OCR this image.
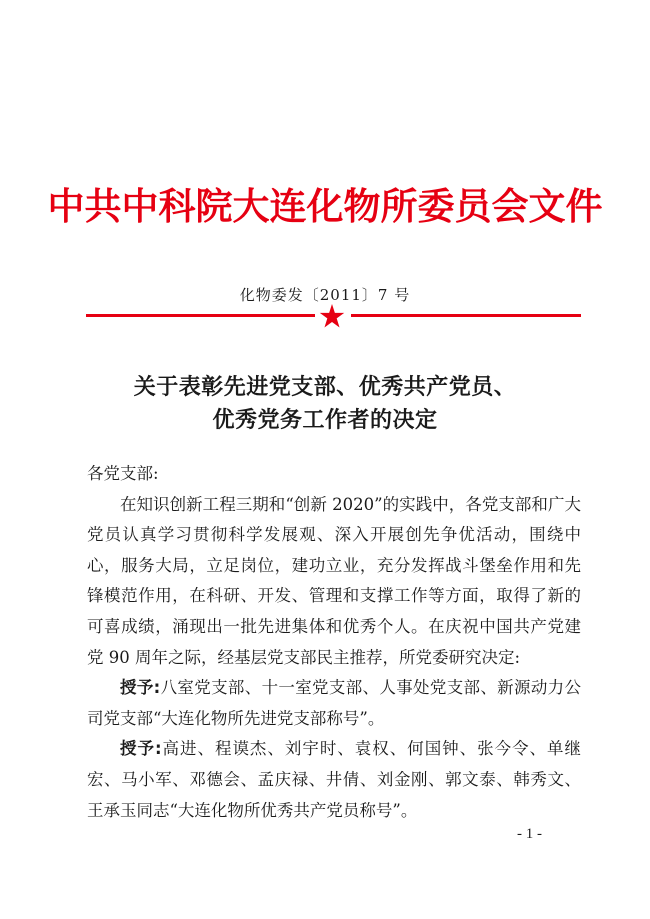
中共中科院大连化物所委员会文件
化物委发〔2011〕7 号
关于表彰先进党支部、优秀共产党员、
优秀党务工作者的决定

各党支部:

在知识创新工程三期和“创新 2020”的实践中，各党支部和广大党员认真学习贯彻科学发展观、深入开展创先争优活动，围绕中心，服务大局，立足岗位，建功立业，充分发挥战斗堡垒作用和先锋模范作用，在科研、开发、管理和支撑工作等方面，取得了新的可喜成绩，涌现出一批先进集体和优秀个人。在庆祝中国共产党建党 90 周年之际，经基层党支部民主推荐，所党委研究决定:

授予:八室党支部、十一室党支部、人事处党支部、新源动力公司党支部“大连化物所先进党支部称号”。

授予:高进、程谟杰、刘宇时、袁权、何国钟、张今令、单继宏、马小军、邓德会、孟庆禄、井倩、刘金刚、郭文泰、韩秀文、王承玉同志“大连化物所优秀共产党员称号”。

- 1 -
